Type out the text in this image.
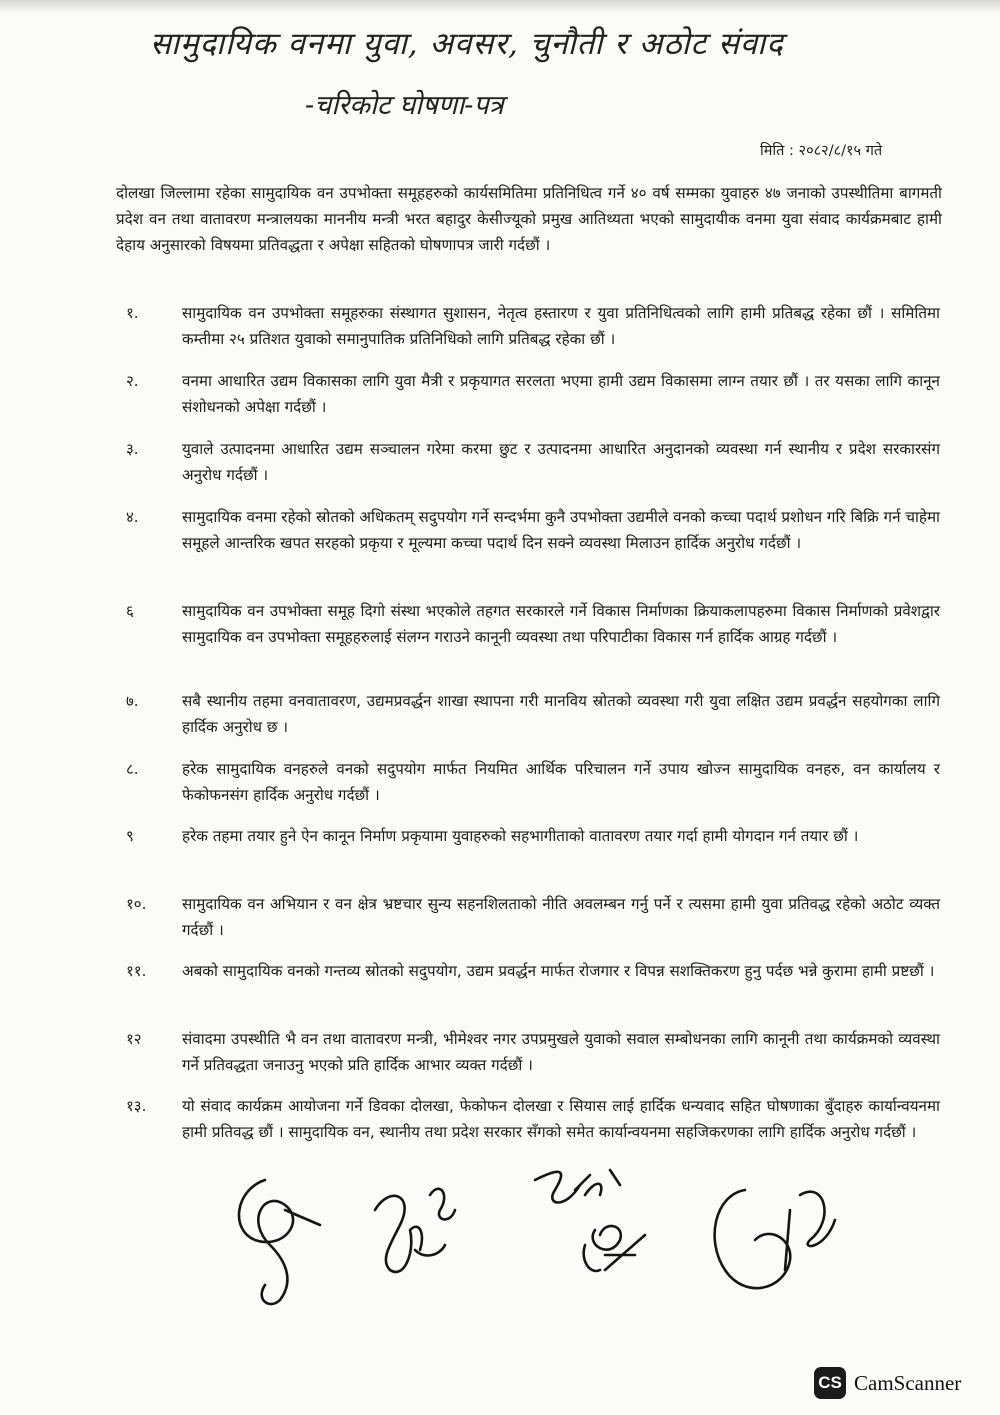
सामुदायिक वनमा युवा, अवसर, चुनौती र अठोट संवाद
-चरिकोट घोषणा-पत्र
मिति : २०८२/८/१५ गते
दोलखा जिल्लामा रहेका सामुदायिक वन उपभोक्ता समूहहरुको कार्यसमितिमा प्रतिनिधित्व गर्ने ४० वर्ष सम्मका युवाहरु ४७ जनाको उपस्थीतिमा बागमती प्रदेश वन तथा वातावरण मन्त्रालयका माननीय मन्त्री भरत बहादुर केसीज्यूको प्रमुख आतिथ्यता भएको सामुदायीक वनमा युवा संवाद कार्यक्रमबाट हामी देहाय अनुसारको विषयमा प्रतिवद्धता र अपेक्षा सहितको घोषणापत्र जारी गर्दछौं ।
१.	सामुदायिक वन उपभोक्ता समूहरुका संस्थागत सुशासन, नेतृत्व हस्तारण र युवा प्रतिनिधित्वको लागि हामी प्रतिबद्ध रहेका छौं । समितिमा कम्तीमा २५ प्रतिशत युवाको समानुपातिक प्रतिनिधिको लागि प्रतिबद्ध रहेका छौं ।
२.	वनमा आधारित उद्यम विकासका लागि युवा मैत्री र प्रकृयागत सरलता भएमा हामी उद्यम विकासमा लाग्न तयार छौं । तर यसका लागि कानून संशोधनको अपेक्षा गर्दछौं ।
३.	युवाले उत्पादनमा आधारित उद्यम सञ्चालन गरेमा करमा छुट र उत्पादनमा आधारित अनुदानको व्यवस्था गर्न स्थानीय र प्रदेश सरकारसंग अनुरोध गर्दछौं ।
४.	सामुदायिक वनमा रहेको स्रोतको अधिकतम् सदुपयोग गर्ने सन्दर्भमा कुनै उपभोक्ता उद्यमीले वनको कच्चा पदार्थ प्रशोधन गरि बिक्रि गर्न चाहेमा समूहले आन्तरिक खपत सरहको प्रकृया र मूल्यमा कच्चा पदार्थ दिन सक्ने व्यवस्था मिलाउन हार्दिक अनुरोध गर्दछौं ।
६	सामुदायिक वन उपभोक्ता समूह दिगो संस्था भएकोले तहगत सरकारले गर्ने विकास निर्माणका क्रियाकलापहरुमा विकास निर्माणको प्रवेशद्वार सामुदायिक वन उपभोक्ता समूहहरुलाई संलग्न गराउने कानूनी व्यवस्था तथा परिपाटीका विकास गर्न हार्दिक आग्रह गर्दछौं ।
७.	सबै स्थानीय तहमा वनवातावरण, उद्यमप्रवर्द्धन शाखा स्थापना गरी मानविय स्रोतको व्यवस्था गरी युवा लक्षित उद्यम प्रवर्द्धन सहयोगका लागि हार्दिक अनुरोध छ ।
८.	हरेक सामुदायिक वनहरुले वनको सदुपयोग मार्फत नियमित आर्थिक परिचालन गर्ने उपाय खोज्न सामुदायिक वनहरु, वन कार्यालय र फेकोफनसंग हार्दिक अनुरोध गर्दछौं ।
९	हरेक तहमा तयार हुने ऐन कानून निर्माण प्रकृयामा युवाहरुको सहभागीताको वातावरण तयार गर्दा हामी योगदान गर्न तयार छौं ।
१०. सामुदायिक वन अभियान र वन क्षेत्र भ्रष्टचार सुन्य सहनशिलताको नीति अवलम्बन गर्नु पर्ने र त्यसमा हामी युवा प्रतिवद्ध रहेको अठोट व्यक्त गर्दछौं ।
११. अबको सामुदायिक वनको गन्तव्य स्रोतको सदुपयोग, उद्यम प्रवर्द्धन मार्फत रोजगार र विपन्न सशक्तिकरण हुनु पर्दछ भन्ने कुरामा हामी प्रष्टछौं ।
१२	संवादमा उपस्थीति भै वन तथा वातावरण मन्त्री, भीमेश्वर नगर उपप्रमुखले युवाको सवाल सम्बोधनका लागि कानूनी तथा कार्यक्रमको व्यवस्था गर्ने प्रतिवद्धता जनाउनु भएको प्रति हार्दिक आभार व्यक्त गर्दछौं ।
१३. यो संवाद कार्यक्रम आयोजना गर्ने डिवका दोलखा, फेकोफन दोलखा र सियास लाई हार्दिक धन्यवाद सहित घोषणाका बुँदाहरु कार्यान्वयनमा हामी प्रतिवद्ध छौं । सामुदायिक वन, स्थानीय तथा प्रदेश सरकार सँगको समेत कार्यान्वयनमा सहजिकरणका लागि हार्दिक अनुरोध गर्दछौं ।
CS CamScanner
